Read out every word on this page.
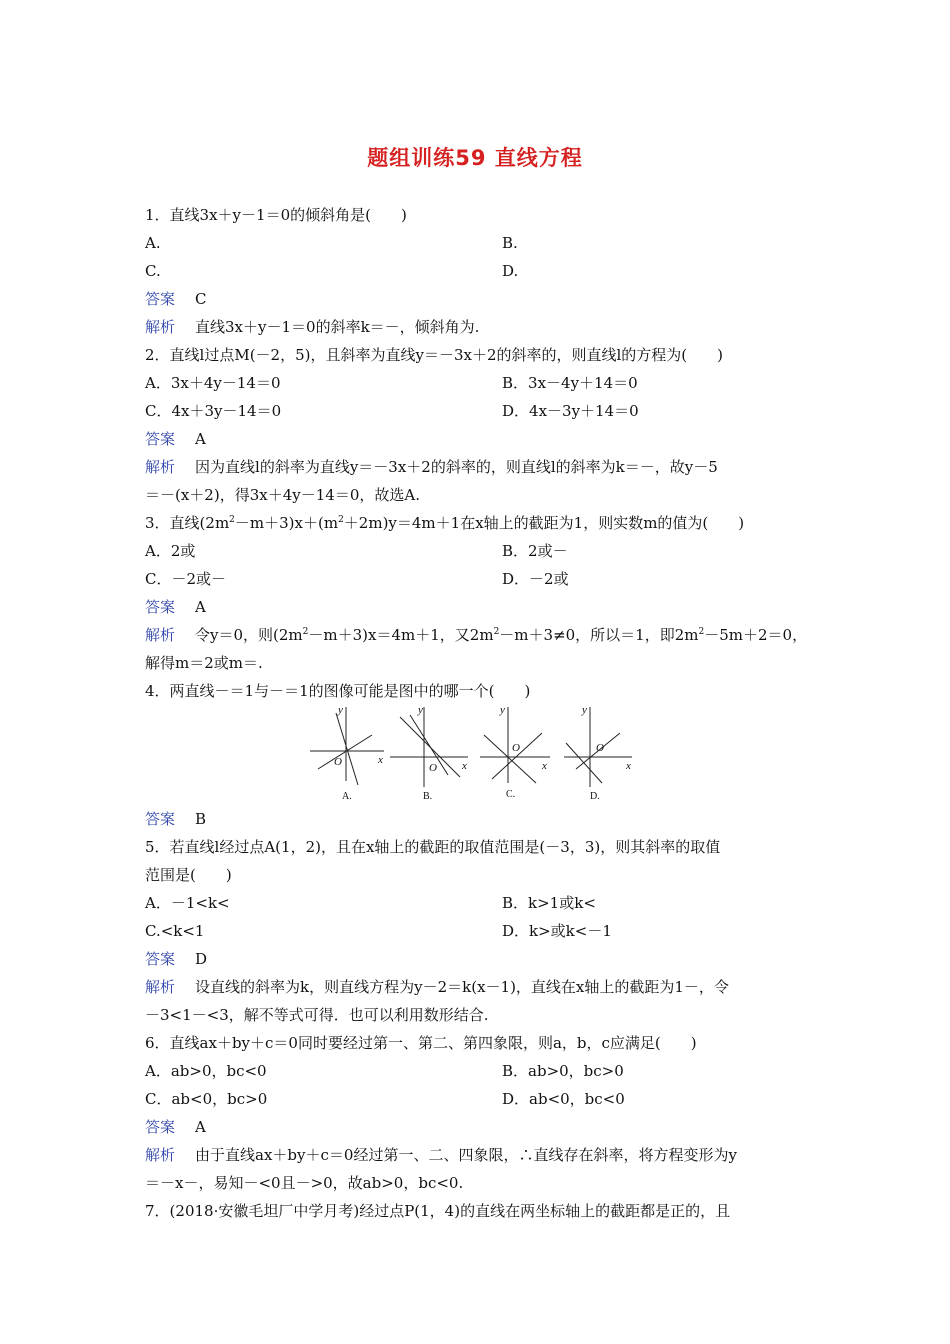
题组训练59 直线方程
1．直线3x＋y－1＝0的倾斜角是(　　)
A.	B.
C.	D.
答案 C
解析 直线3x＋y－1＝0的斜率k＝－，倾斜角为.
2．直线l过点M(－2，5)，且斜率为直线y＝－3x＋2的斜率的，则直线l的方程为(　　)
A．3x＋4y－14＝0	B．3x－4y＋14＝0
C．4x＋3y－14＝0	D．4x－3y＋14＝0
答案 A
解析 因为直线l的斜率为直线y＝－3x＋2的斜率的，则直线l的斜率为k＝－，故y－5
＝－(x＋2)，得3x＋4y－14＝0，故选A.
3．直线$(2m^2-m+3)x+(m^2+2m)y=4m+1$在x轴上的截距为1，则实数m的值为(　　)
A．2或	B．2或－
C．－2或－	D．－2或
答案 A
解析 令y＝0，则$(2m^2-m+3)x=4m+1$，又$2m^2-m+3\ne 0$，所以＝1，即$2m^2-5m+2=0$，
解得m＝2或m＝.
4．两直线－＝1与－＝1的图像可能是图中的哪一个(　　)
y
x
O
A.
y
x
O
B.
y
x
O
C.
y
x
O
D.
答案 B
5．若直线l经过点A(1，2)，且在x轴上的截距的取值范围是(－3，3)，则其斜率的取值
范围是(　　)
A．－1<k<	B．k>1或k<
C.<k<1	D．k>或k<－1
答案 D
解析 设直线的斜率为k，则直线方程为y－2＝k(x－1)，直线在x轴上的截距为1－，令
－3<1－<3，解不等式可得．也可以利用数形结合.
6．直线ax＋by＋c＝0同时要经过第一、第二、第四象限，则a，b，c应满足(　　)
A．ab>0，bc<0	B．ab>0，bc>0
C．ab<0，bc>0	D．ab<0，bc<0
答案 A
解析 由于直线ax＋by＋c＝0经过第一、二、四象限，∴直线存在斜率，将方程变形为y
＝－x－，易知－<0且－>0，故ab>0，bc<0.
7．(2018·安徽毛坦厂中学月考)经过点P(1，4)的直线在两坐标轴上的截距都是正的，且
